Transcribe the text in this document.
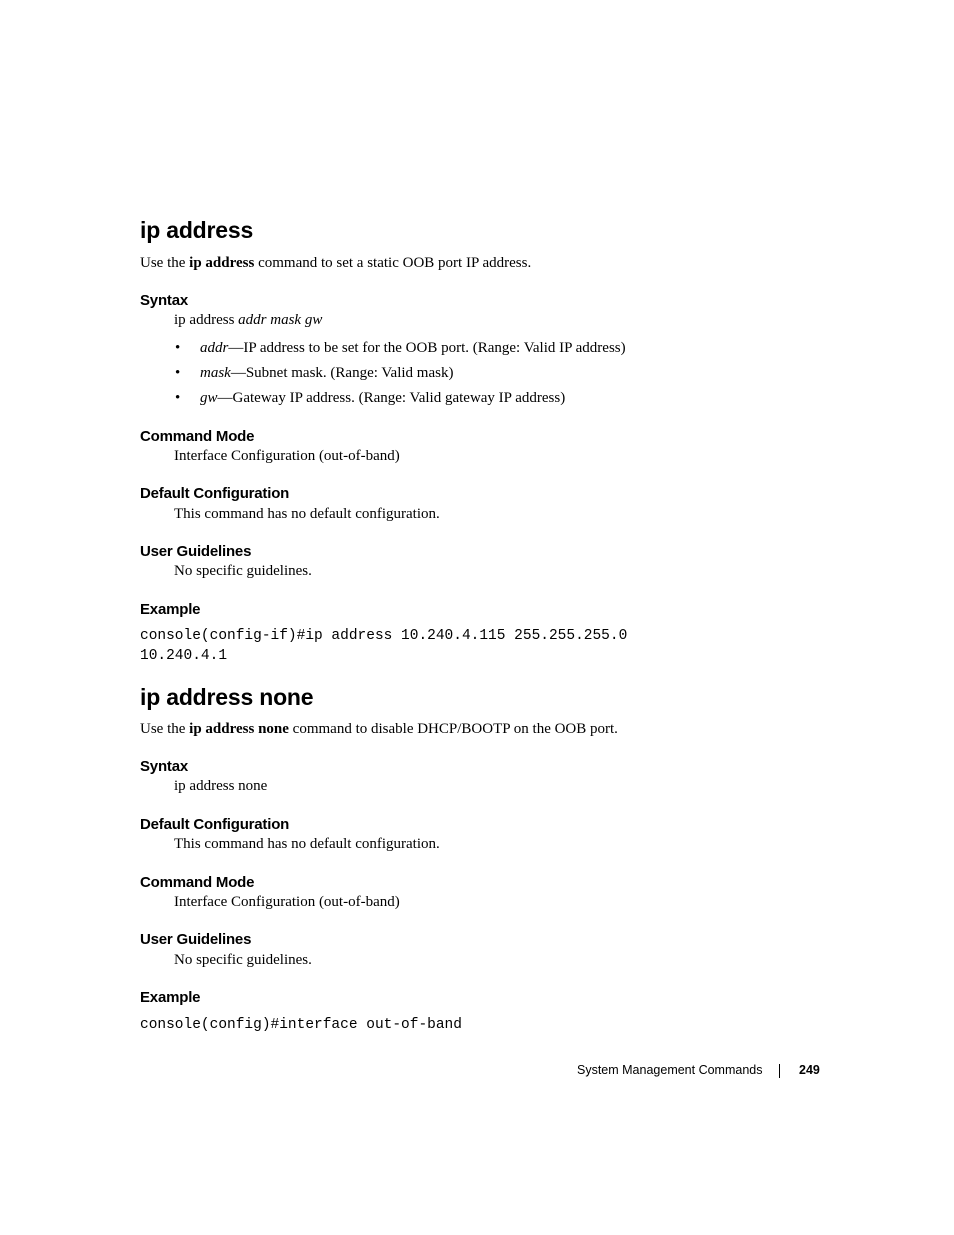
ip address
Use the ip address command to set a static OOB port IP address.
Syntax
ip address addr mask gw
• addr—IP address to be set for the OOB port. (Range: Valid IP address)
• mask—Subnet mask. (Range: Valid mask)
• gw—Gateway IP address. (Range: Valid gateway IP address)
Command Mode
Interface Configuration (out-of-band)
Default Configuration
This command has no default configuration.
User Guidelines
No specific guidelines.
Example
console(config-if)#ip address 10.240.4.115 255.255.255.0
10.240.4.1
ip address none
Use the ip address none command to disable DHCP/BOOTP on the OOB port.
Syntax
ip address none
Default Configuration
This command has no default configuration.
Command Mode
Interface Configuration (out-of-band)
User Guidelines
No specific guidelines.
Example
console(config)#interface out-of-band
System Management Commands	249
